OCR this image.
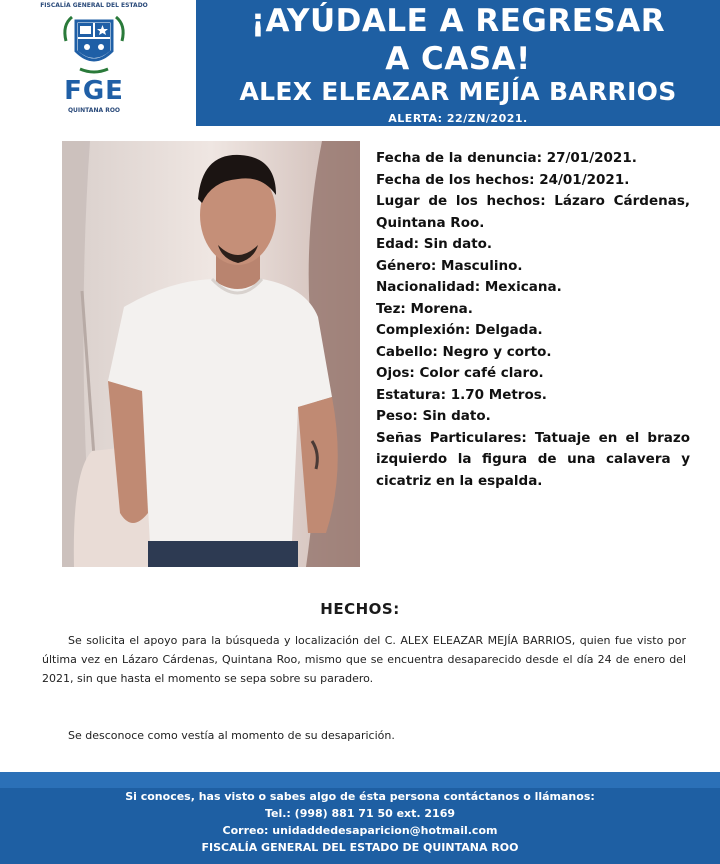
FISCALÍA GENERAL DEL ESTADO
FGE
QUINTANA ROO
¡AYÚDALE A REGRESAR
A CASA!
ALEX ELEAZAR MEJÍA BARRIOS
ALERTA: 22/ZN/2021.
Fecha de la denuncia: 27/01/2021.
Fecha de los hechos: 24/01/2021.
Lugar de los hechos: Lázaro Cárdenas, Quintana Roo.
Edad: Sin dato.
Género: Masculino.
Nacionalidad: Mexicana.
Tez: Morena.
Complexión: Delgada.
Cabello: Negro y corto.
Ojos: Color café claro.
Estatura: 1.70 Metros.
Peso: Sin dato.
Señas Particulares: Tatuaje en el brazo izquierdo la figura de una calavera y cicatriz en la espalda.
HECHOS:
Se solicita el apoyo para la búsqueda y localización del C. ALEX ELEAZAR MEJÍA BARRIOS, quien fue visto por última vez en Lázaro Cárdenas, Quintana Roo, mismo que se encuentra desaparecido desde el día 24 de enero del 2021, sin que hasta el momento se sepa sobre su paradero.
Se desconoce como vestía al momento de su desaparición.
Si conoces, has visto o sabes algo de ésta persona contáctanos o llámanos:
Tel.: (998) 881 71 50 ext. 2169
Correo: unidaddedesaparicion@hotmail.com
FISCALÍA GENERAL DEL ESTADO DE QUINTANA ROO
